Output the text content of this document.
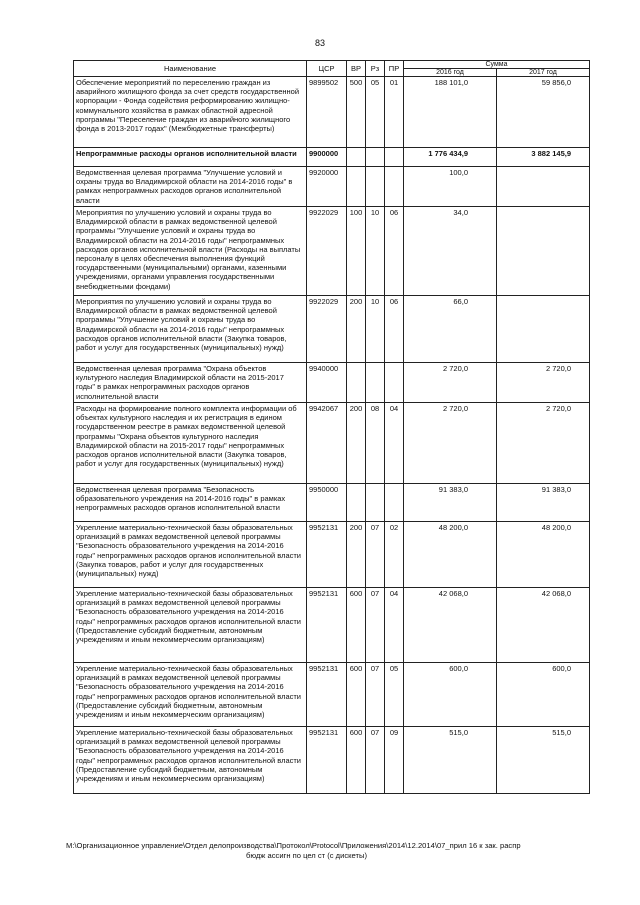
83
Наименование	ЦСР	ВР	Рз	ПР	Сумма	
					2016 год	2017 год
Обеспечение мероприятий по переселению граждан из аварийного жилищного фонда за счет средств государственной корпорации - Фонда содействия реформированию жилищно-коммунального хозяйства в рамках областной адресной программы "Переселение граждан из аварийного жилищного фонда в 2013-2017 годах" (Межбюджетные трансферты)	9899502	500	05	01	188 101,0	59 856,0
Непрограммные расходы органов исполнительной власти	9900000				1 776 434,9	3 882 145,9
Ведомственная целевая программа "Улучшение условий и охраны труда во Владимирской области на 2014-2016 годы" в рамках непрограммных расходов органов исполнительной власти	9920000				100,0	
Мероприятия по улучшению условий и охраны труда во Владимирской области в рамках ведомственной целевой программы "Улучшение условий и охраны труда во Владимирской области на 2014-2016 годы" непрограммных расходов органов исполнительной власти (Расходы на выплаты персоналу в целях обеспечения выполнения функций государственными (муниципальными) органами, казенными учреждениями, органами управления государственными внебюджетными фондами)	9922029	100	10	06	34,0	
Мероприятия по улучшению условий и охраны труда во Владимирской области в рамках ведомственной целевой программы "Улучшение условий и охраны труда во Владимирской области на 2014-2016 годы" непрограммных расходов органов исполнительной власти (Закупка товаров, работ и услуг для государственных (муниципальных) нужд)	9922029	200	10	06	66,0	
Ведомственная целевая программа "Охрана объектов культурного наследия Владимирской области на 2015-2017 годы" в рамках непрограммных расходов органов исполнительной власти	9940000				2 720,0	2 720,0
Расходы на формирование полного комплекта информации об объектах культурного наследия и их регистрация в едином государственном реестре в рамках ведомственной целевой программы "Охрана объектов культурного наследия Владимирской области на 2015-2017 годы" непрограммных расходов органов исполнительной власти (Закупка товаров, работ и услуг для государственных (муниципальных) нужд)	9942067	200	08	04	2 720,0	2 720,0
Ведомственная целевая программа "Безопасность образовательного учреждения на 2014-2016 годы" в рамках непрограммных расходов органов исполнительной власти	9950000				91 383,0	91 383,0
Укрепление материально-технической базы образовательных организаций в рамках ведомственной целевой программы "Безопасность образовательного учреждения на 2014-2016 годы" непрограммных расходов органов исполнительной власти (Закупка товаров, работ и услуг для государственных (муниципальных) нужд)	9952131	200	07	02	48 200,0	48 200,0
Укрепление материально-технической базы образовательных организаций в рамках ведомственной целевой программы "Безопасность образовательного учреждения на 2014-2016 годы" непрограммных расходов органов исполнительной власти (Предоставление субсидий бюджетным, автономным учреждениям и иным некоммерческим организациям)	9952131	600	07	04	42 068,0	42 068,0
Укрепление материально-технической базы образовательных организаций в рамках ведомственной целевой программы "Безопасность образовательного учреждения на 2014-2016 годы" непрограммных расходов органов исполнительной власти (Предоставление субсидий бюджетным, автономным учреждениям и иным некоммерческим организациям)	9952131	600	07	05	600,0	600,0
Укрепление материально-технической базы образовательных организаций в рамках ведомственной целевой программы "Безопасность образовательного учреждения на 2014-2016 годы" непрограммных расходов органов исполнительной власти (Предоставление субсидий бюджетным, автономным учреждениям и иным некоммерческим организациям)	9952131	600	07	09	515,0	515,0
М:\Организационное управление\Отдел делопроизводства\Протокол\Protocol\Приложения\2014\12.2014\07_прил 16 к зак. распр
бюдж ассигн по цел ст (с дискеты)
